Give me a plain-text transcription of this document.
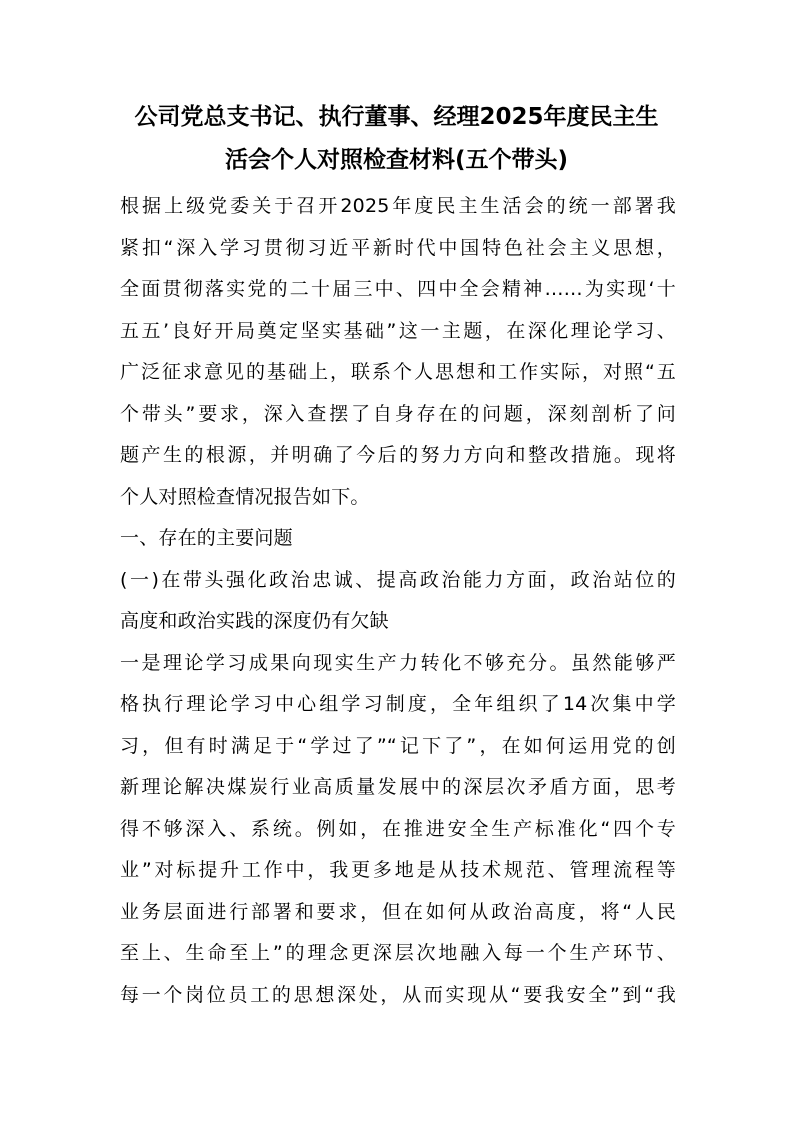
公司党总支书记、执行董事、经理2025年度民主生
活会个人对照检查材料(五个带头)
根据上级党委关于召开2025年度民主生活会的统一部署我
紧扣“深入学习贯彻习近平新时代中国特色社会主义思想，
全面贯彻落实党的二十届三中、四中全会精神……为实现‘十
五五’良好开局奠定坚实基础”这一主题，在深化理论学习、
广泛征求意见的基础上，联系个人思想和工作实际，对照“五
个带头”要求，深入查摆了自身存在的问题，深刻剖析了问
题产生的根源，并明确了今后的努力方向和整改措施。现将
个人对照检查情况报告如下。
一、存在的主要问题
(一)在带头强化政治忠诚、提高政治能力方面，政治站位的
高度和政治实践的深度仍有欠缺
一是理论学习成果向现实生产力转化不够充分。虽然能够严
格执行理论学习中心组学习制度，全年组织了14次集中学
习，但有时满足于“学过了”“记下了”，在如何运用党的创
新理论解决煤炭行业高质量发展中的深层次矛盾方面，思考
得不够深入、系统。例如，在推进安全生产标准化“四个专
业”对标提升工作中，我更多地是从技术规范、管理流程等
业务层面进行部署和要求，但在如何从政治高度，将“人民
至上、生命至上”的理念更深层次地融入每一个生产环节、
每一个岗位员工的思想深处，从而实现从“要我安全”到“我
